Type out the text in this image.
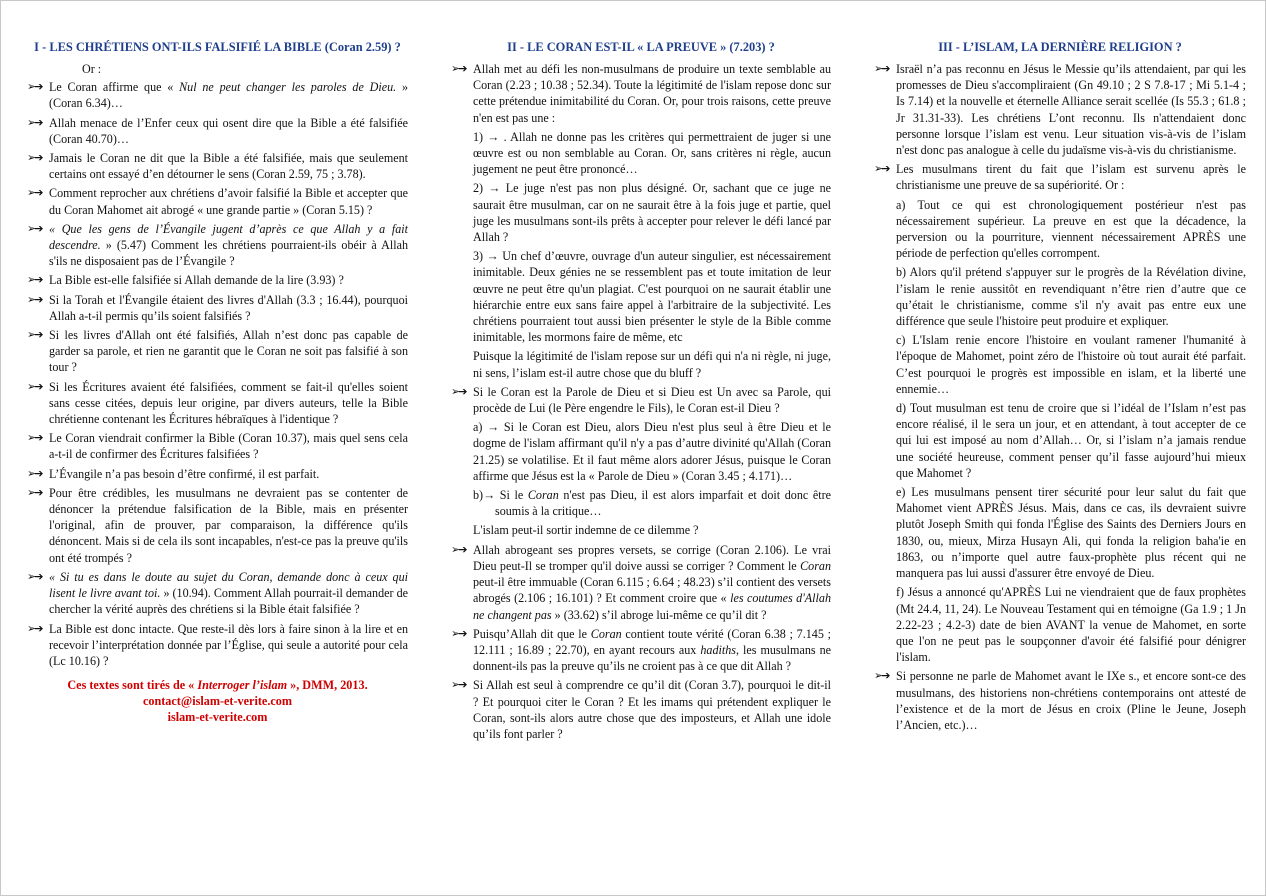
I - LES CHRÉTIENS ONT-ILS FALSIFIÉ LA BIBLE (Coran 2.59) ?
Or :
➢➔ Le Coran affirme que « Nul ne peut changer les paroles de Dieu. » (Coran 6.34)…
➢➔ Allah menace de l’Enfer ceux qui osent dire que la Bible a été falsifiée (Coran 40.70)…
➢➔ Jamais le Coran ne dit que la Bible a été falsifiée, mais que seulement certains ont essayé d’en détourner le sens (Coran 2.59, 75 ; 3.78).
➢➔ Comment reprocher aux chrétiens d’avoir falsifié la Bible et accepter que du Coran Mahomet ait abrogé « une grande partie » (Coran 5.15) ?
➢➔ « Que les gens de l’Évangile jugent d’après ce que Allah y a fait descendre. » (5.47) Comment les chrétiens pourraient-ils obéir à Allah s'ils ne disposaient pas de l’Évangile ?
➢➔ La Bible est-elle falsifiée si Allah demande de la lire (3.93) ?
➢➔ Si la Torah et l'Évangile étaient des livres d'Allah (3.3 ; 16.44), pourquoi Allah a-t-il permis qu’ils soient falsifiés ?
➢➔ Si les livres d'Allah ont été falsifiés, Allah n’est donc pas capable de garder sa parole, et rien ne garantit que le Coran ne soit pas falsifié à son tour ?
➢➔ Si les Écritures avaient été falsifiées, comment se fait-il qu'elles soient sans cesse citées, depuis leur origine, par divers auteurs, telle la Bible chrétienne contenant les Écritures hébraïques à l'identique ?
➢➔ Le Coran viendrait confirmer la Bible (Coran 10.37), mais quel sens cela a-t-il de confirmer des Écritures falsifiées ?
➢➔ L’Évangile n’a pas besoin d’être confirmé, il est parfait.
➢➔ Pour être crédibles, les musulmans ne devraient pas se contenter de dénoncer la prétendue falsification de la Bible, mais en présenter l'original, afin de prouver, par comparaison, la différence qu'ils dénoncent. Mais si de cela ils sont incapables, n'est-ce pas la preuve qu'ils ont été trompés ?
➢➔ « Si tu es dans le doute au sujet du Coran, demande donc à ceux qui lisent le livre avant toi. » (10.94). Comment Allah pourrait-il demander de chercher la vérité auprès des chrétiens si la Bible était falsifiée ?
➢➔ La Bible est donc intacte. Que reste-il dès lors à faire sinon à la lire et en recevoir l’interprétation donnée par l’Église, qui seule a autorité pour cela (Lc 10.16) ?
Ces textes sont tirés de « Interroger l’islam », DMM, 2013.
contact@islam-et-verite.com
islam-et-verite.com
II - LE CORAN EST-IL « LA PREUVE » (7.203) ?
➢➔ Allah met au défi les non-musulmans de produire un texte semblable au Coran (2.23 ; 10.38 ; 52.34). Toute la légitimité de l'islam repose donc sur cette prétendue inimitabilité du Coran. Or, pour trois raisons, cette preuve n'en est pas une :
1) → . Allah ne donne pas les critères qui permettraient de juger si une œuvre est ou non semblable au Coran. Or, sans critères ni règle, aucun jugement ne peut être prononcé…
2) → Le juge n'est pas non plus désigné. Or, sachant que ce juge ne saurait être musulman, car on ne saurait être à la fois juge et partie, quel juge les musulmans sont-ils prêts à accepter pour relever le défi lancé par Allah ?
3) → Un chef d’œuvre, ouvrage d'un auteur singulier, est nécessairement inimitable. Deux génies ne se ressemblent pas et toute imitation de leur œuvre ne peut être qu'un plagiat. C'est pourquoi on ne saurait établir une hiérarchie entre eux sans faire appel à l'arbitraire de la subjectivité. Les chrétiens pourraient tout aussi bien présenter le style de la Bible comme inimitable, les mormons faire de même, etc
Puisque la légitimité de l'islam repose sur un défi qui n'a ni règle, ni juge, ni sens, l’islam est-il autre chose que du bluff ?
➢➔ Si le Coran est la Parole de Dieu et si Dieu est Un avec sa Parole, qui procède de Lui (le Père engendre le Fils), le Coran est-il Dieu ?
a) → Si le Coran est Dieu, alors Dieu n'est plus seul à être Dieu et le dogme de l'islam affirmant qu'il n'y a pas d’autre divinité qu'Allah (Coran 21.25) se volatilise. Et il faut même alors adorer Jésus, puisque le Coran affirme que Jésus est la « Parole de Dieu » (Coran 3.45 ; 4.171)…
b)→ Si le Coran n'est pas Dieu, il est alors imparfait et doit donc être soumis à la critique…
L'islam peut-il sortir indemne de ce dilemme ?
➢➔ Allah abrogeant ses propres versets, se corrige (Coran 2.106). Le vrai Dieu peut-Il se tromper qu'il doive aussi se corriger ? Comment le Coran peut-il être immuable (Coran 6.115 ; 6.64 ; 48.23) s’il contient des versets abrogés (2.106 ; 16.101) ? Et comment croire que « les coutumes d'Allah ne changent pas » (33.62) s’il abroge lui-même ce qu’il dit ?
➢➔ Puisqu’Allah dit que le Coran contient toute vérité (Coran 6.38 ; 7.145 ; 12.111 ; 16.89 ; 22.70), en ayant recours aux hadiths, les musulmans ne donnent-ils pas la preuve qu’ils ne croient pas à ce que dit Allah ?
➢➔ Si Allah est seul à comprendre ce qu’il dit (Coran 3.7), pourquoi le dit-il ? Et pourquoi citer le Coran ? Et les imams qui prétendent expliquer le Coran, sont-ils alors autre chose que des imposteurs, et Allah une idole qu’ils font parler ?
III - L’ISLAM, LA DERNIÈRE RELIGION ?
➢➔ Israël n’a pas reconnu en Jésus le Messie qu’ils attendaient, par qui les promesses de Dieu s'accompliraient (Gn 49.10 ; 2 S 7.8-17 ; Mi 5.1-4 ; Is 7.14) et la nouvelle et éternelle Alliance serait scellée (Is 55.3 ; 61.8 ; Jr 31.31-33). Les chrétiens L’ont reconnu. Ils n'attendaient donc personne lorsque l’islam est venu. Leur situation vis-à-vis de l’islam n'est donc pas analogue à celle du judaïsme vis-à-vis du christianisme.
➢➔ Les musulmans tirent du fait que l’islam est survenu après le christianisme une preuve de sa supériorité. Or :
a) Tout ce qui est chronologiquement postérieur n'est pas nécessairement supérieur. La preuve en est que la décadence, la perversion ou la pourriture, viennent nécessairement APRÈS une période de perfection qu'elles corrompent.
b) Alors qu'il prétend s'appuyer sur le progrès de la Révélation divine, l’islam le renie aussitôt en revendiquant n’être rien d’autre que ce qu’était le christianisme, comme s'il n'y avait pas entre eux une différence que seule l'histoire peut produire et expliquer.
c) L'Islam renie encore l'histoire en voulant ramener l'humanité à l'époque de Mahomet, point zéro de l'histoire où tout aurait été parfait. C’est pourquoi le progrès est impossible en islam, et la liberté une ennemie…
d) Tout musulman est tenu de croire que si l’idéal de l’Islam n’est pas encore réalisé, il le sera un jour, et en attendant, à tout accepter de ce qui lui est imposé au nom d’Allah… Or, si l’islam n’a jamais rendue une société heureuse, comment penser qu’il fasse aujourd’hui mieux que Mahomet ?
e) Les musulmans pensent tirer sécurité pour leur salut du fait que Mahomet vient APRÈS Jésus. Mais, dans ce cas, ils devraient suivre plutôt Joseph Smith qui fonda l'Église des Saints des Derniers Jours en 1830, ou, mieux, Mirza Husayn Ali, qui fonda la religion baha'ie en 1863, ou n’importe quel autre faux-prophète plus récent qui ne manquera pas lui aussi d'assurer être envoyé de Dieu.
f) Jésus a annoncé qu'APRÈS Lui ne viendraient que de faux prophètes (Mt 24.4, 11, 24). Le Nouveau Testament qui en témoigne (Ga 1.9 ; 1 Jn 2.22-23 ; 4.2-3) date de bien AVANT la venue de Mahomet, en sorte que l'on ne peut pas le soupçonner d'avoir été falsifié pour dénigrer l'islam.
➢➔ Si personne ne parle de Mahomet avant le IXe s., et encore sont-ce des musulmans, des historiens non-chrétiens contemporains ont attesté de l’existence et de la mort de Jésus en croix (Pline le Jeune, Joseph l’Ancien, etc.)…
